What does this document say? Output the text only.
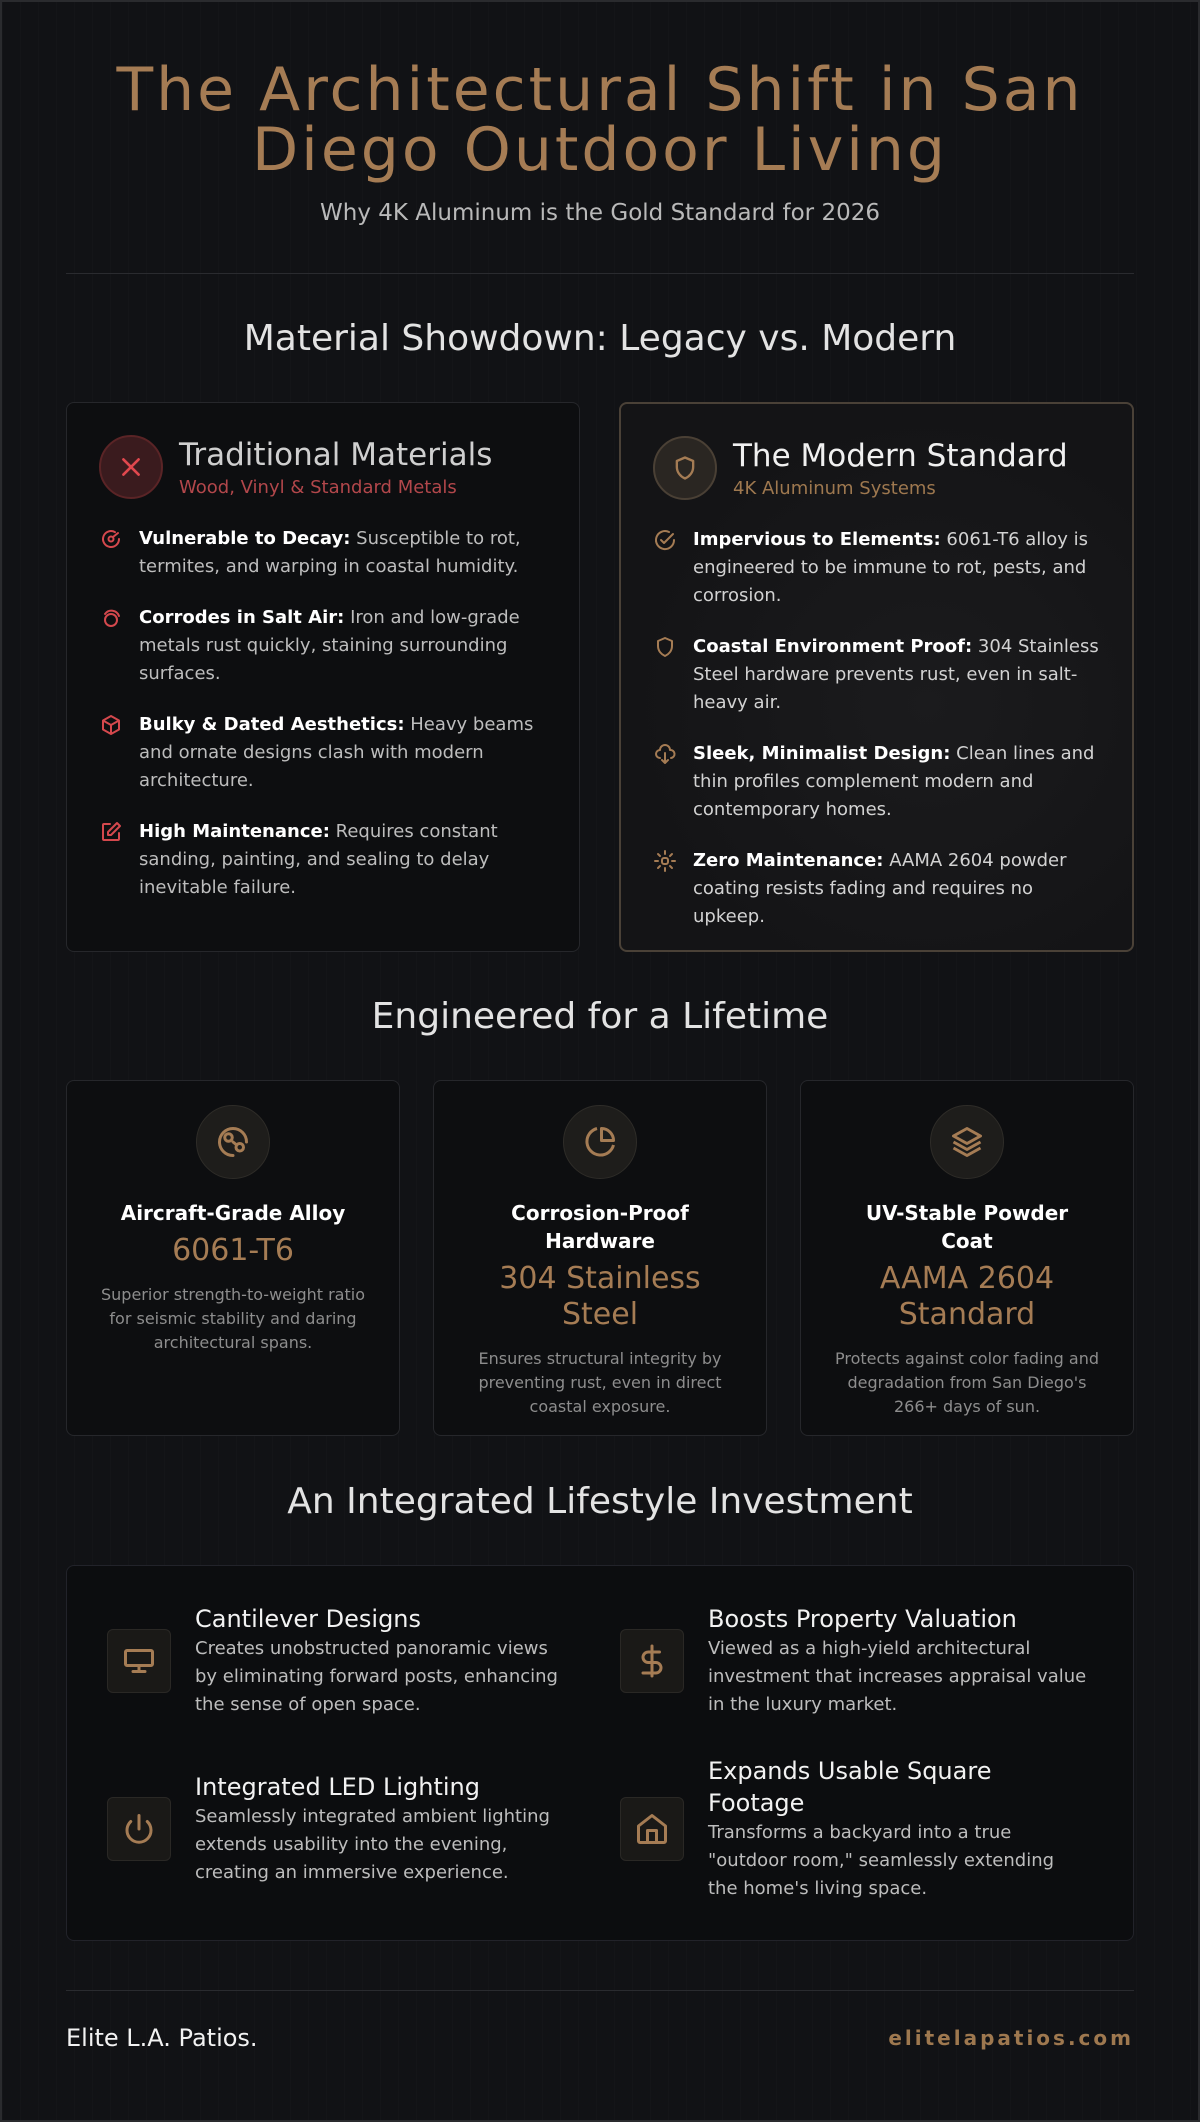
The Architectural Shift in San Diego Outdoor Living
Why 4K Aluminum is the Gold Standard for 2026
Material Showdown: Legacy vs. Modern
Traditional Materials
Wood, Vinyl & Standard Metals
Vulnerable to Decay: Susceptible to rot, termites, and warping in coastal humidity.
Corrodes in Salt Air: Iron and low-grade metals rust quickly, staining surrounding surfaces.
Bulky & Dated Aesthetics: Heavy beams and ornate designs clash with modern architecture.
High Maintenance: Requires constant sanding, painting, and sealing to delay inevitable failure.
The Modern Standard
4K Aluminum Systems
Impervious to Elements: 6061-T6 alloy is engineered to be immune to rot, pests, and corrosion.
Coastal Environment Proof: 304 Stainless Steel hardware prevents rust, even in salt-heavy air.
Sleek, Minimalist Design: Clean lines and thin profiles complement modern and contemporary homes.
Zero Maintenance: AAMA 2604 powder coating resists fading and requires no upkeep.
Engineered for a Lifetime
Aircraft-Grade Alloy
6061-T6
Superior strength-to-weight ratio for seismic stability and daring architectural spans.
Corrosion-Proof Hardware
304 Stainless Steel
Ensures structural integrity by preventing rust, even in direct coastal exposure.
UV-Stable Powder Coat
AAMA 2604 Standard
Protects against color fading and degradation from San Diego's 266+ days of sun.
An Integrated Lifestyle Investment
Cantilever Designs
Creates unobstructed panoramic views by eliminating forward posts, enhancing the sense of open space.
Boosts Property Valuation
Viewed as a high-yield architectural investment that increases appraisal value in the luxury market.
Integrated LED Lighting
Seamlessly integrated ambient lighting extends usability into the evening, creating an immersive experience.
Expands Usable Square Footage
Transforms a backyard into a true "outdoor room," seamlessly extending the home's living space.
Elite L.A. Patios.	elitelapatios.com
